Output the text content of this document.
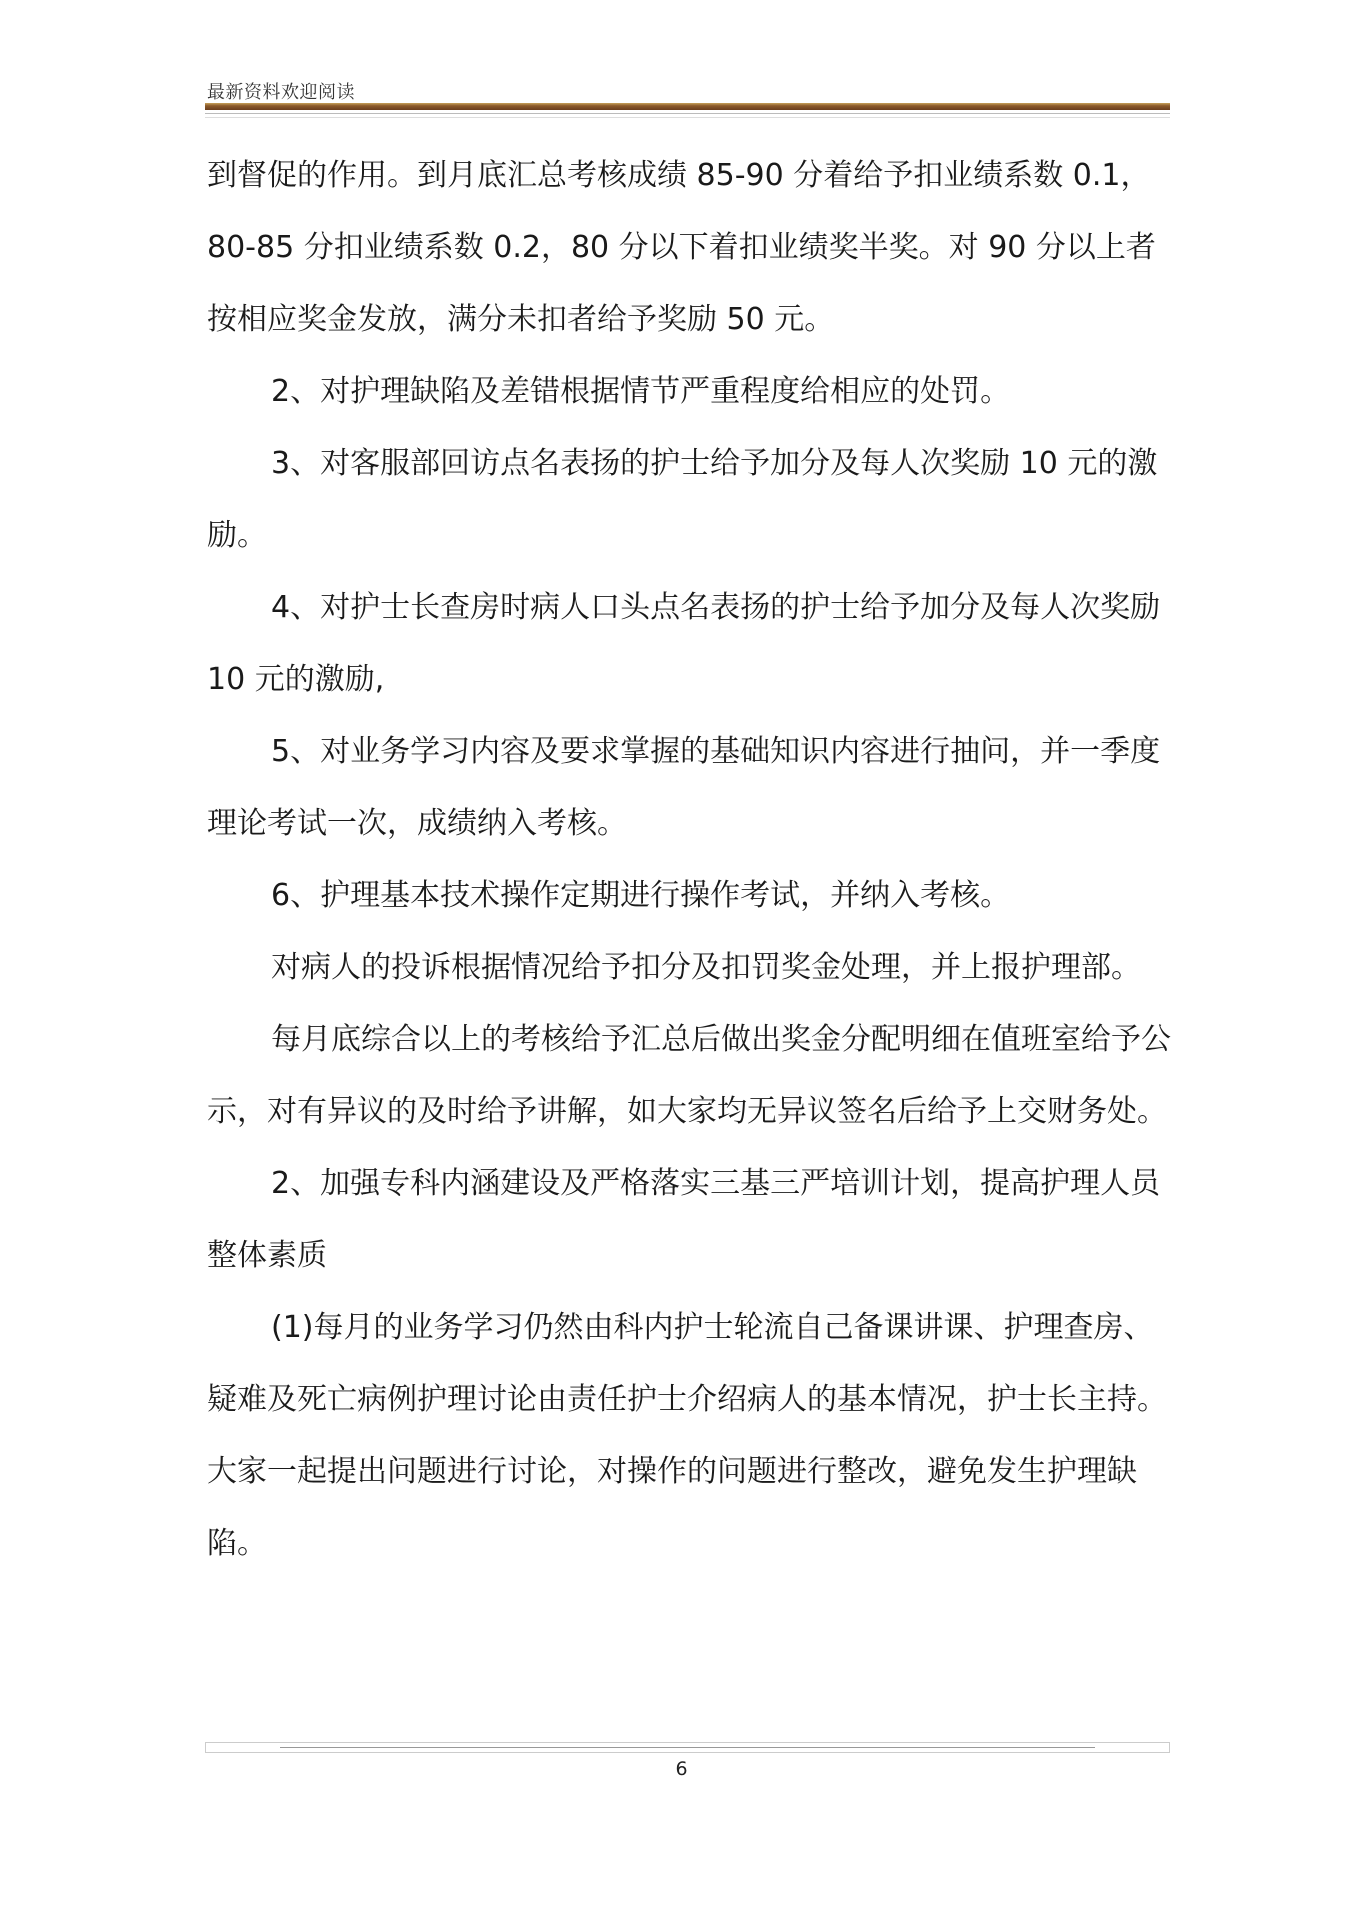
最新资料欢迎阅读

到督促的作用。到月底汇总考核成绩 85-90 分着给予扣业绩系数 0.1，80-85 分扣业绩系数 0.2，80 分以下着扣业绩奖半奖。对 90 分以上者按相应奖金发放，满分未扣者给予奖励 50 元。

2、对护理缺陷及差错根据情节严重程度给相应的处罚。

3、对客服部回访点名表扬的护士给予加分及每人次奖励 10 元的激励。

4、对护士长查房时病人口头点名表扬的护士给予加分及每人次奖励 10 元的激励,

5、对业务学习内容及要求掌握的基础知识内容进行抽问，并一季度理论考试一次，成绩纳入考核。

6、护理基本技术操作定期进行操作考试，并纳入考核。

对病人的投诉根据情况给予扣分及扣罚奖金处理，并上报护理部。

每月底综合以上的考核给予汇总后做出奖金分配明细在值班室给予公示，对有异议的及时给予讲解，如大家均无异议签名后给予上交财务处。

2、加强专科内涵建设及严格落实三基三严培训计划，提高护理人员整体素质

(1)每月的业务学习仍然由科内护士轮流自己备课讲课、护理查房、疑难及死亡病例护理讨论由责任护士介绍病人的基本情况，护士长主持。大家一起提出问题进行讨论，对操作的问题进行整改，避免发生护理缺陷。

6
